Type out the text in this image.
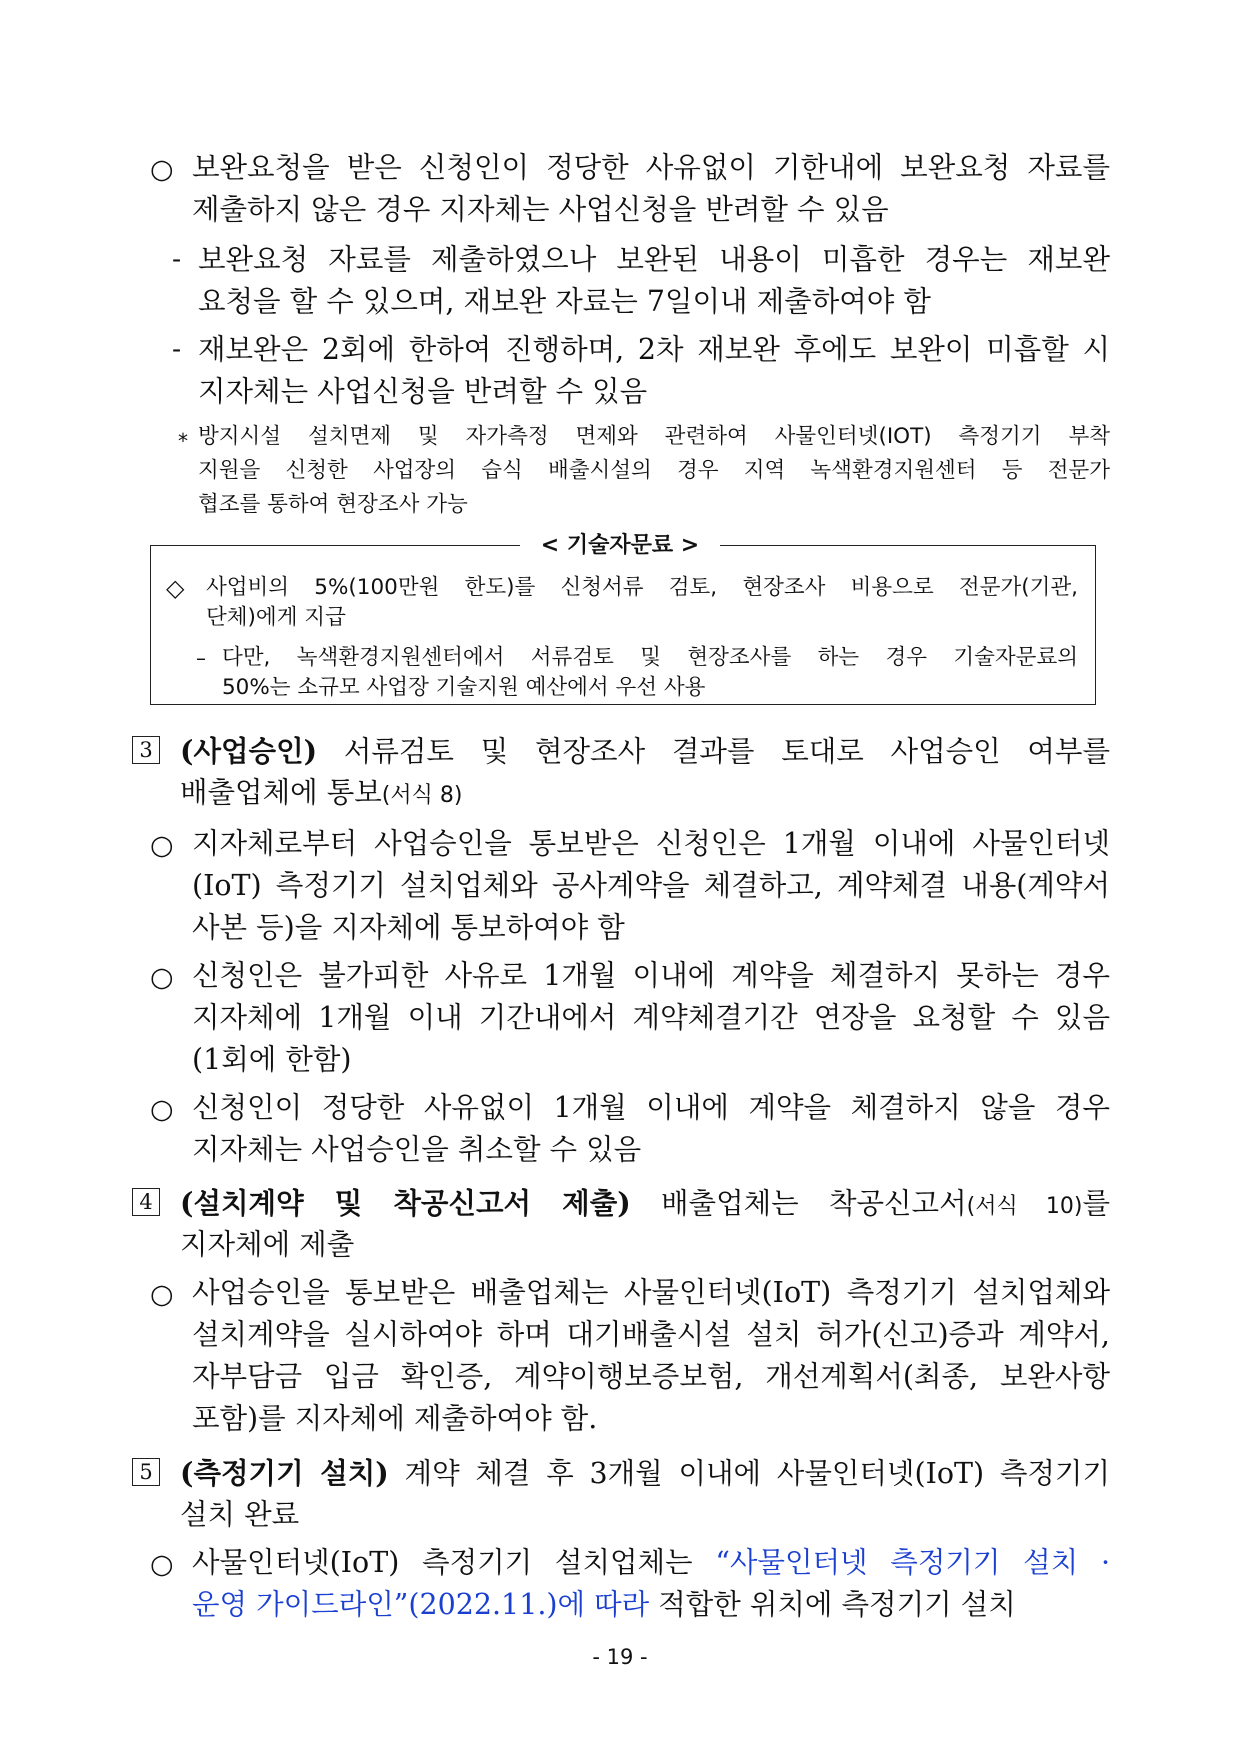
○ 보완요청을 받은 신청인이 정당한 사유없이 기한내에 보완요청 자료를
제출하지 않은 경우 지자체는 사업신청을 반려할 수 있음
- 보완요청 자료를 제출하였으나 보완된 내용이 미흡한 경우는 재보완
요청을 할 수 있으며, 재보완 자료는 7일이내 제출하여야 함
- 재보완은 2회에 한하여 진행하며, 2차 재보완 후에도 보완이 미흡할 시
지자체는 사업신청을 반려할 수 있음
* 방지시설 설치면제 및 자가측정 면제와 관련하여 사물인터넷(IOT) 측정기기 부착
지원을 신청한 사업장의 습식 배출시설의 경우 지역 녹색환경지원센터 등 전문가
협조를 통하여 현장조사 가능
< 기술자문료 >
◇ 사업비의 5%(100만원 한도)를 신청서류 검토, 현장조사 비용으로 전문가(기관,
단체)에게 지급
– 다만, 녹색환경지원센터에서 서류검토 및 현장조사를 하는 경우 기술자문료의
50%는 소규모 사업장 기술지원 예산에서 우선 사용
3 (사업승인) 서류검토 및 현장조사 결과를 토대로 사업승인 여부를
배출업체에 통보(서식 8)
○ 지자체로부터 사업승인을 통보받은 신청인은 1개월 이내에 사물인터넷
(IoT) 측정기기 설치업체와 공사계약을 체결하고, 계약체결 내용(계약서
사본 등)을 지자체에 통보하여야 함
○ 신청인은 불가피한 사유로 1개월 이내에 계약을 체결하지 못하는 경우
지자체에 1개월 이내 기간내에서 계약체결기간 연장을 요청할 수 있음
(1회에 한함)
○ 신청인이 정당한 사유없이 1개월 이내에 계약을 체결하지 않을 경우
지자체는 사업승인을 취소할 수 있음
4 (설치계약 및 착공신고서 제출) 배출업체는 착공신고서(서식 10)를
지자체에 제출
○ 사업승인을 통보받은 배출업체는 사물인터넷(IoT) 측정기기 설치업체와
설치계약을 실시하여야 하며 대기배출시설 설치 허가(신고)증과 계약서,
자부담금 입금 확인증, 계약이행보증보험, 개선계획서(최종, 보완사항
포함)를 지자체에 제출하여야 함.
5 (측정기기 설치) 계약 체결 후 3개월 이내에 사물인터넷(IoT) 측정기기
설치 완료
○ 사물인터넷(IoT) 측정기기 설치업체는 “사물인터넷 측정기기 설치 ·
운영 가이드라인”(2022.11.)에 따라 적합한 위치에 측정기기 설치
- 19 -
